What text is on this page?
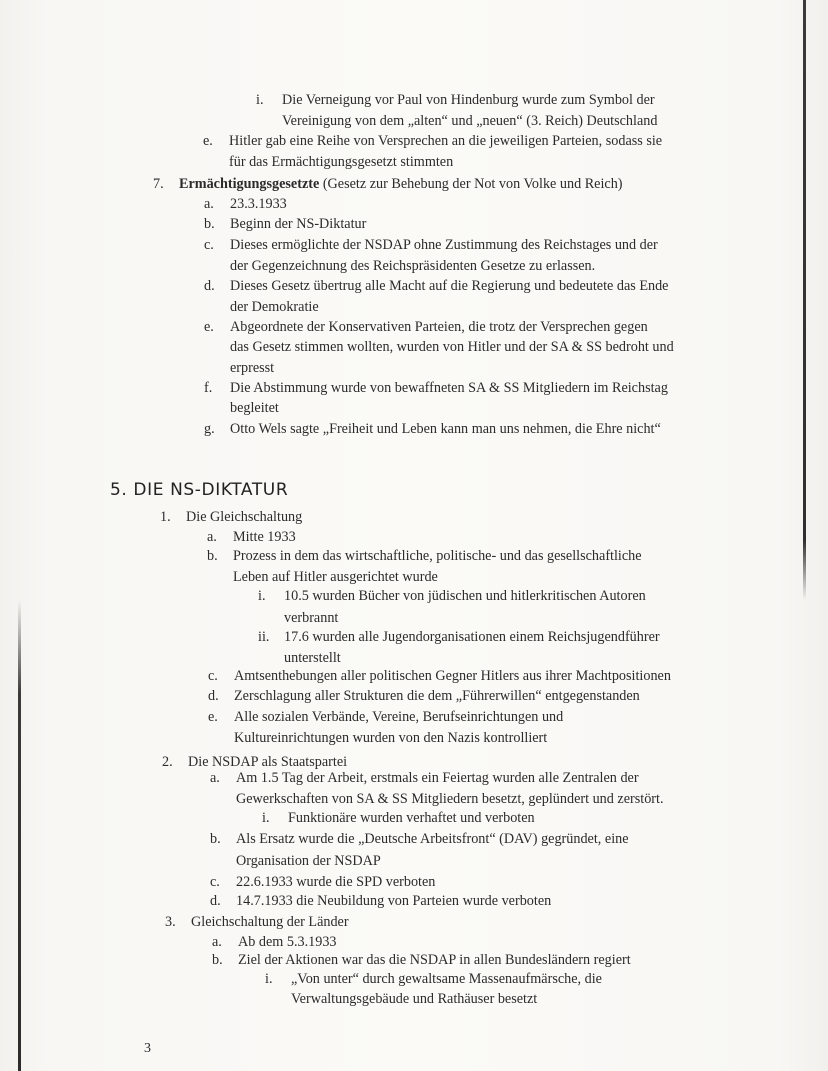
i. Die Verneigung vor Paul von Hindenburg wurde zum Symbol der
Vereinigung von dem „alten“ und „neuen“ (3. Reich) Deutschland
e. Hitler gab eine Reihe von Versprechen an die jeweiligen Parteien, sodass sie
für das Ermächtigungsgesetzt stimmten
7. Ermächtigungsgesetzte (Gesetz zur Behebung der Not von Volke und Reich)
a. 23.3.1933
b. Beginn der NS-Diktatur
c. Dieses ermöglichte der NSDAP ohne Zustimmung des Reichstages und der
der Gegenzeichnung des Reichspräsidenten Gesetze zu erlassen.
d. Dieses Gesetz übertrug alle Macht auf die Regierung und bedeutete das Ende
der Demokratie
e. Abgeordnete der Konservativen Parteien, die trotz der Versprechen gegen
das Gesetz stimmen wollten, wurden von Hitler und der SA & SS bedroht und
erpresst
f. Die Abstimmung wurde von bewaffneten SA & SS Mitgliedern im Reichstag
begleitet
g. Otto Wels sagte „Freiheit und Leben kann man uns nehmen, die Ehre nicht“
1. Die Gleichschaltung
a. Mitte 1933
b. Prozess in dem das wirtschaftliche, politische- und das gesellschaftliche
Leben auf Hitler ausgerichtet wurde
i. 10.5 wurden Bücher von jüdischen und hitlerkritischen Autoren
verbrannt
ii. 17.6 wurden alle Jugendorganisationen einem Reichsjugendführer
unterstellt
c. Amtsenthebungen aller politischen Gegner Hitlers aus ihrer Machtpositionen
d. Zerschlagung aller Strukturen die dem „Führerwillen“ entgegenstanden
e. Alle sozialen Verbände, Vereine, Berufseinrichtungen und
Kultureinrichtungen wurden von den Nazis kontrolliert
2. Die NSDAP als Staatspartei
a. Am 1.5 Tag der Arbeit, erstmals ein Feiertag wurden alle Zentralen der
Gewerkschaften von SA & SS Mitgliedern besetzt, geplündert und zerstört.
i. Funktionäre wurden verhaftet und verboten
b. Als Ersatz wurde die „Deutsche Arbeitsfront“ (DAV) gegründet, eine
Organisation der NSDAP
c. 22.6.1933 wurde die SPD verboten
d. 14.7.1933 die Neubildung von Parteien wurde verboten
3. Gleichschaltung der Länder
a. Ab dem 5.3.1933
b. Ziel der Aktionen war das die NSDAP in allen Bundesländern regiert
i. „Von unter“ durch gewaltsame Massenaufmärsche, die
Verwaltungsgebäude und Rathäuser besetzt
5. DIE NS-DIKTATUR
3
